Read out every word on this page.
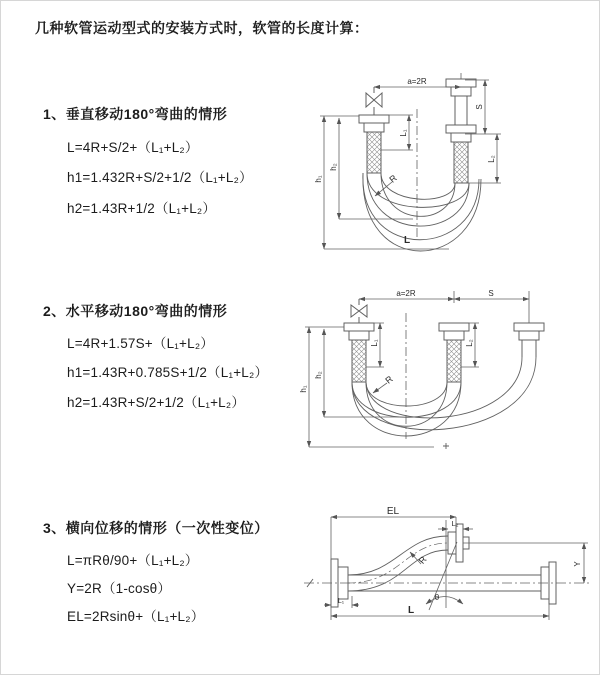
几种软管运动型式的安装方式时，软管的长度计算：
1、垂直移动180°弯曲的情形
L=4R+S/2+（L₁+L₂）
h1=1.432R+S/2+1/2（L₁+L₂）
h2=1.43R+1/2（L₁+L₂）
2、水平移动180°弯曲的情形
L=4R+1.57S+（L₁+L₂）
h1=1.43R+0.785S+1/2（L₁+L₂）
h2=1.43R+S/2+1/2（L₁+L₂）
3、横向位移的情形（一次性变位）
L=πRθ/90+（L₁+L₂）
Y=2R（1-cosθ）
EL=2Rsinθ+（L₁+L₂）
a=2R
S
L₂
L₁
h₁
h₂
R
L
a=2R	S
h₁
h₂
L₁	L₂
R
EL
L₂
Y
R
θ
L
L₁
